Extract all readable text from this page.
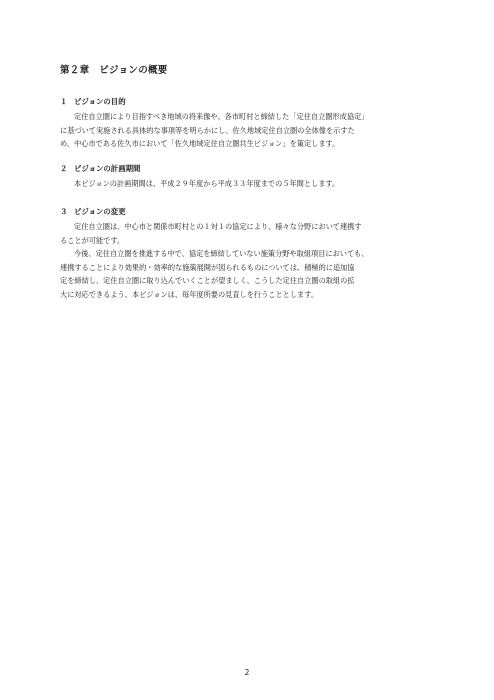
第２章　ビジョンの概要
１ ビジョンの目的
定住自立圏により目指すべき地域の将来像や、各市町村と締結した「定住自立圏形成協定」
に基づいて実施される具体的な事項等を明らかにし、佐久地域定住自立圏の全体像を示すた
め、中心市である佐久市において「佐久地域定住自立圏共生ビジョン」を策定します。
２ ビジョンの計画期間
本ビジョンの計画期間は、平成２９年度から平成３３年度までの５年間とします。
３ ビジョンの変更
定住自立圏は、中心市と関係市町村との１対１の協定により、様々な分野において連携す
ることが可能です。
今後、定住自立圏を推進する中で、協定を締結していない施策分野や取組項目においても、
連携することにより効果的・効率的な施策展開が図られるものについては、積極的に追加協
定を締結し、定住自立圏に取り込んでいくことが望ましく、こうした定住自立圏の取組の拡
大に対応できるよう、本ビジョンは、毎年度所要の見直しを行うこととします。
2
